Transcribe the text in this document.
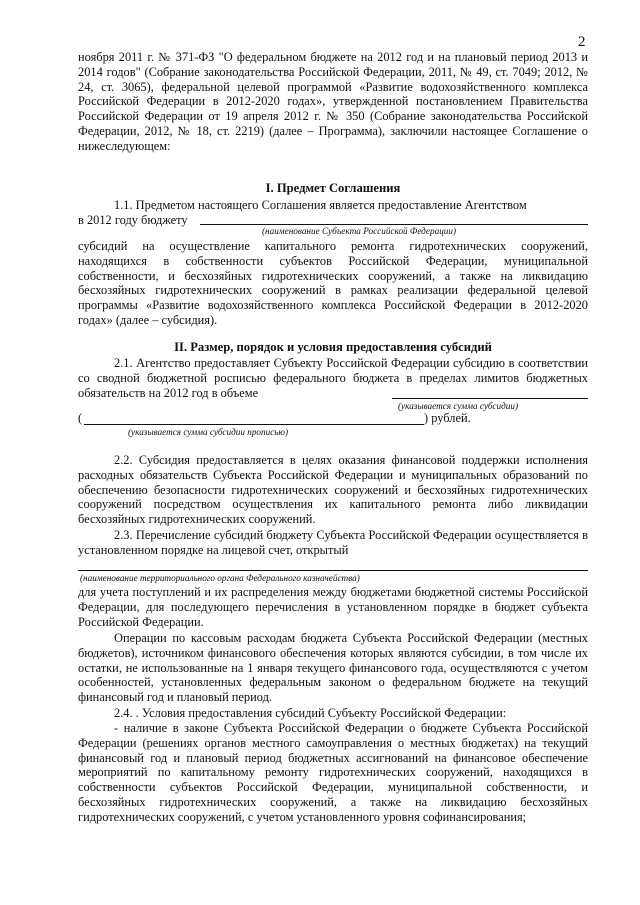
2

ноября 2011 г. № 371-ФЗ "О федеральном бюджете на 2012 год и на плановый период 2013 и 2014 годов" (Собрание законодательства Российской Федерации, 2011, № 49, ст. 7049; 2012, № 24, ст. 3065), федеральной целевой программой «Развитие водохозяйственного комплекса Российской Федерации в 2012-2020 годах», утвержденной постановлением Правительства Российской Федерации от 19 апреля 2012 г. № 350 (Собрание законодательства Российской Федерации, 2012, № 18, ст. 2219) (далее – Программа), заключили настоящее Соглашение о нижеследующем:

I. Предмет Соглашения

1.1. Предметом настоящего Соглашения является предоставление Агентством

в 2012 году бюджету
(наименование Субъекта Российской Федерации)

субсидий на осуществление капитального ремонта гидротехнических сооружений, находящихся в собственности субъектов Российской Федерации, муниципальной собственности, и бесхозяйных гидротехнических сооружений, а также на ликвидацию бесхозяйных гидротехнических сооружений в рамках реализации федеральной целевой программы «Развитие водохозяйственного комплекса Российской Федерации в 2012-2020 годах» (далее – субсидия).

II. Размер, порядок и условия предоставления субсидий

2.1. Агентство предоставляет Субъекту Российской Федерации субсидию в соответствии со сводной бюджетной росписью федерального бюджета в пределах лимитов бюджетных обязательств на 2012 год в объеме

(указывается сумма субсидии)
(	) рублей.
(указывается сумма субсидии прописью)

2.2. Субсидия предоставляется в целях оказания финансовой поддержки исполнения расходных обязательств Субъекта Российской Федерации и муниципальных образований по обеспечению безопасности гидротехнических сооружений и бесхозяйных гидротехнических сооружений посредством осуществления их капитального ремонта либо ликвидации бесхозяйных гидротехнических сооружений.

2.3. Перечисление субсидий бюджету Субъекта Российской Федерации осуществляется в установленном порядке на лицевой счет, открытый

(наименование территориального органа Федерального казначейства)

для учета поступлений и их распределения между бюджетами бюджетной системы Российской Федерации, для последующего перечисления в установленном порядке в бюджет субъекта Российской Федерации.

Операции по кассовым расходам бюджета Субъекта Российской Федерации (местных бюджетов), источником финансового обеспечения которых являются субсидии, в том числе их остатки, не использованные на 1 января текущего финансового года, осуществляются с учетом особенностей, установленных федеральным законом о федеральном бюджете на текущий финансовый год и плановый период.

2.4. . Условия предоставления субсидий Субъекту Российской Федерации:

- наличие в законе Субъекта Российской Федерации о бюджете Субъекта Российской Федерации (решениях органов местного самоуправления о местных бюджетах) на текущий финансовый год и плановый период бюджетных ассигнований на финансовое обеспечение мероприятий по капитальному ремонту гидротехнических сооружений, находящихся в собственности субъектов Российской Федерации, муниципальной собственности, и бесхозяйных гидротехнических сооружений, а также на ликвидацию бесхозяйных гидротехнических сооружений, с учетом установленного уровня софинансирования;
